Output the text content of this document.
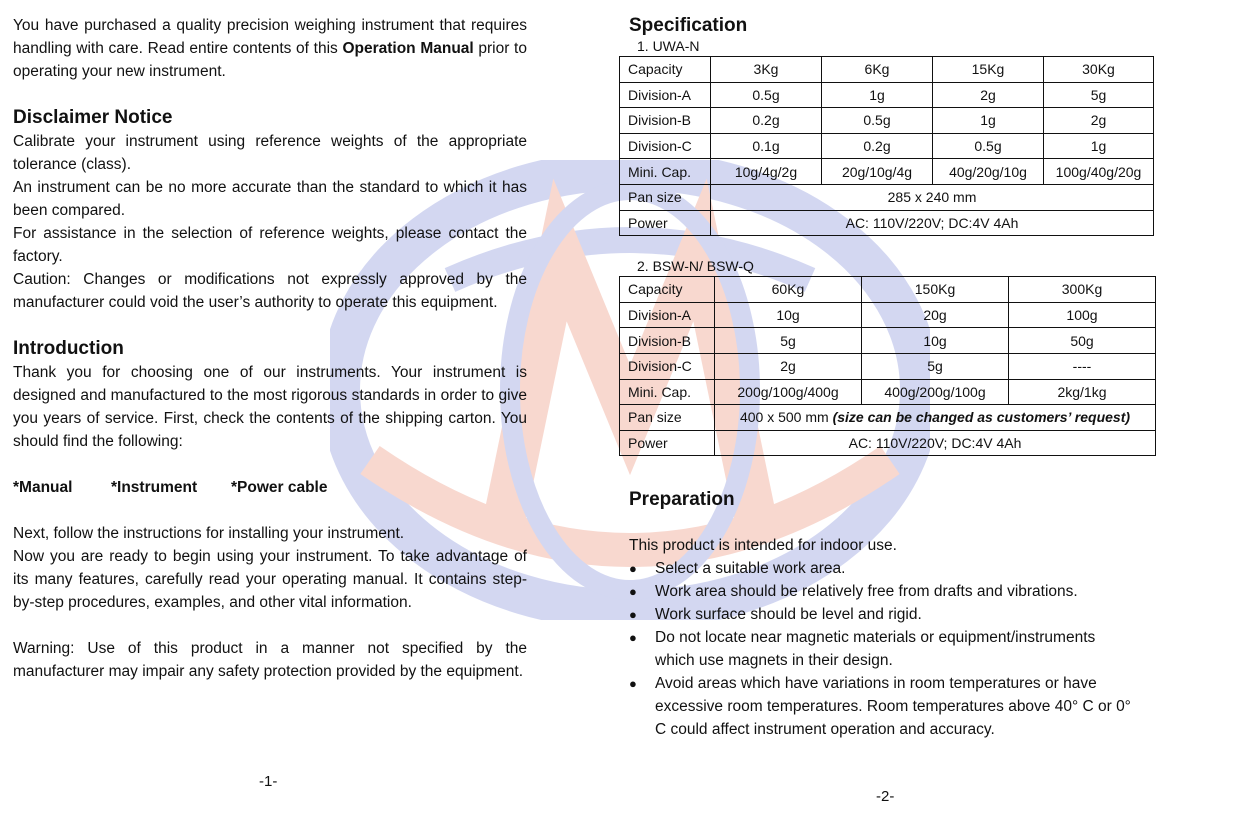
You have purchased a quality precision weighing instrument that requires handling with care. Read entire contents of this Operation Manual prior to operating your new instrument.

Disclaimer Notice

Calibrate your instrument using reference weights of the appropriate tolerance (class).

An instrument can be no more accurate than the standard to which it has been compared.

For assistance in the selection of reference weights, please contact the factory.

Caution: Changes or modifications not expressly approved by the manufacturer could void the user’s authority to operate this equipment.

Introduction

Thank you for choosing one of our instruments. Your instrument is designed and manufactured to the most rigorous standards in order to give you years of service. First, check the contents of the shipping carton. You should find the following:

*Manual *Instrument *Power cable

Next, follow the instructions for installing your instrument.

Now you are ready to begin using your instrument. To take advantage of its many features, carefully read your operating manual. It contains step-by-step procedures, examples, and other vital information.

Warning: Use of this product in a manner not specified by the manufacturer may impair any safety protection provided by the equipment.

-1-
Specification
1. UWA-N
Capacity	3Kg	6Kg	15Kg	30Kg
Division-A	0.5g	1g	2g	5g
Division-B	0.2g	0.5g	1g	2g
Division-C	0.1g	0.2g	0.5g	1g
Mini. Cap.	10g/4g/2g	20g/10g/4g	40g/20g/10g	100g/40g/20g
Pan size	285 x 240 mm			
Power	AC: 110V/220V; DC:4V 4Ah			
2. BSW-N/ BSW-Q
Capacity	60Kg	150Kg	300Kg
Division-A	10g	20g	100g
Division-B	5g	10g	50g
Division-C	2g	5g	----
Mini. Cap.	200g/100g/400g	400g/200g/100g	2kg/1kg
Pan size	400 x 500 mm (size can be changed as customers’ request)		
Power	AC: 110V/220V; DC:4V 4Ah		
Preparation

This product is intended for indoor use.

● Select a suitable work area.
● Work area should be relatively free from drafts and vibrations.
● Work surface should be level and rigid.
● Do not locate near magnetic materials or equipment/instruments which use magnets in their design.
● Avoid areas which have variations in room temperatures or have excessive room temperatures. Room temperatures above 40° C or 0° C could affect instrument operation and accuracy.
-2-
